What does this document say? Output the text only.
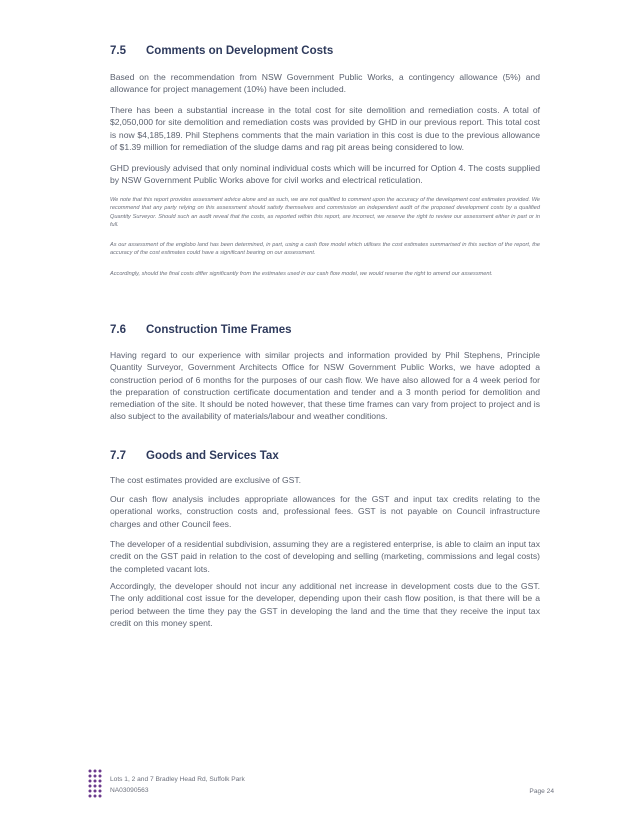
7.5 Comments on Development Costs

Based on the recommendation from NSW Government Public Works, a contingency allowance (5%) and allowance for project management (10%) have been included.

There has been a substantial increase in the total cost for site demolition and remediation costs. A total of $2,050,000 for site demolition and remediation costs was provided by GHD in our previous report. This total cost is now $4,185,189. Phil Stephens comments that the main variation in this cost is due to the previous allowance of $1.39 million for remediation of the sludge dams and rag pit areas being considered to low.

GHD previously advised that only nominal individual costs which will be incurred for Option 4. The costs supplied by NSW Government Public Works above for civil works and electrical reticulation.

We note that this report provides assessment advice alone and as such, we are not qualified to comment upon the accuracy of the development cost estimates provided. We recommend that any party relying on this assessment should satisfy themselves and commission an independent audit of the proposed development costs by a qualified Quantity Surveyor. Should such an audit reveal that the costs, as reported within this report, are incorrect, we reserve the right to review our assessment either in part or in full.

As our assessment of the englobo land has been determined, in part, using a cash flow model which utilises the cost estimates summarised in this section of the report, the accuracy of the cost estimates could have a significant bearing on our assessment.

Accordingly, should the final costs differ significantly from the estimates used in our cash flow model, we would reserve the right to amend our assessment.

7.6 Construction Time Frames

Having regard to our experience with similar projects and information provided by Phil Stephens, Principle Quantity Surveyor, Government Architects Office for NSW Government Public Works, we have adopted a construction period of 6 months for the purposes of our cash flow. We have also allowed for a 4 week period for the preparation of construction certificate documentation and tender and a 3 month period for demolition and remediation of the site. It should be noted however, that these time frames can vary from project to project and is also subject to the availability of materials/labour and weather conditions.

7.7 Goods and Services Tax

The cost estimates provided are exclusive of GST.

Our cash flow analysis includes appropriate allowances for the GST and input tax credits relating to the operational works, construction costs and, professional fees. GST is not payable on Council infrastructure charges and other Council fees.

The developer of a residential subdivision, assuming they are a registered enterprise, is able to claim an input tax credit on the GST paid in relation to the cost of developing and selling (marketing, commissions and legal costs) the completed vacant lots.

Accordingly, the developer should not incur any additional net increase in development costs due to the GST. The only additional cost issue for the developer, depending upon their cash flow position, is that there will be a period between the time they pay the GST in developing the land and the time that they receive the input tax credit on this money spent.

Lots 1, 2 and 7 Bradley Head Rd, Suffolk Park
NA03090563	Page 24
